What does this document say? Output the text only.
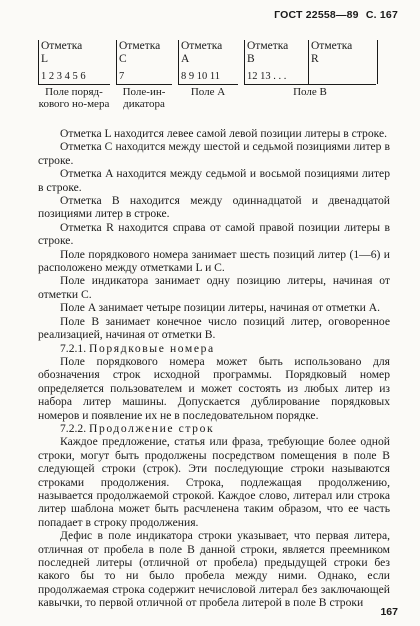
ГОСТ 22558—89 С. 167
Отметка
L
1 2 3 4 5 6
Отметка
C
7
Отметка
A
8 9 10 11
Отметка
B
12 13 . . .
Отметка
R
Поле поряд-кового но-мера
Поле-ин-дикатора
Поле А	Поле В

Отметка L находится левее самой левой позиции литеры в строке.

Отметка C находится между шестой и седьмой позициями литер в строке.

Отметка A находится между седьмой и восьмой позициями литер в строке.

Отметка B находится между одиннадцатой и двенадцатой позициями литер в строке.

Отметка R находится справа от самой правой позиции литеры в строке.

Поле порядкового номера занимает шесть позиций литер (1—6) и расположено между отметками L и C.

Поле индикатора занимает одну позицию литеры, начиная от отметки C.

Поле A занимает четыре позиции литеры, начиная от отметки A.

Поле B занимает конечное число позиций литер, оговоренное реализацией, начиная от отметки B.

7.2.1. Порядковые номера

Поле порядкового номера может быть использовано для обозначения строк исходной программы. Порядковый номер определяется пользователем и может состоять из любых литер из набора литер машины. Допускается дублирование порядковых номеров и появление их не в последовательном порядке.

7.2.2. Продолжение строк

Каждое предложение, статья или фраза, требующие более одной строки, могут быть продолжены посредством помещения в поле B следующей строки (строк). Эти последующие строки называются строками продолжения. Строка, подлежащая продолжению, называется продолжаемой строкой. Каждое слово, литерал или строка литер шаблона может быть расчленена таким образом, что ее часть попадает в строку продолжения.

Дефис в поле индикатора строки указывает, что первая литера, отличная от пробела в поле B данной строки, является преемником последней литеры (отличной от пробела) предыдущей строки без какого бы то ни было пробела между ними. Однако, если продолжаемая строка содержит нечисловой литерал без заключающей кавычки, то первой отличной от пробела литерой в поле B строки

167
